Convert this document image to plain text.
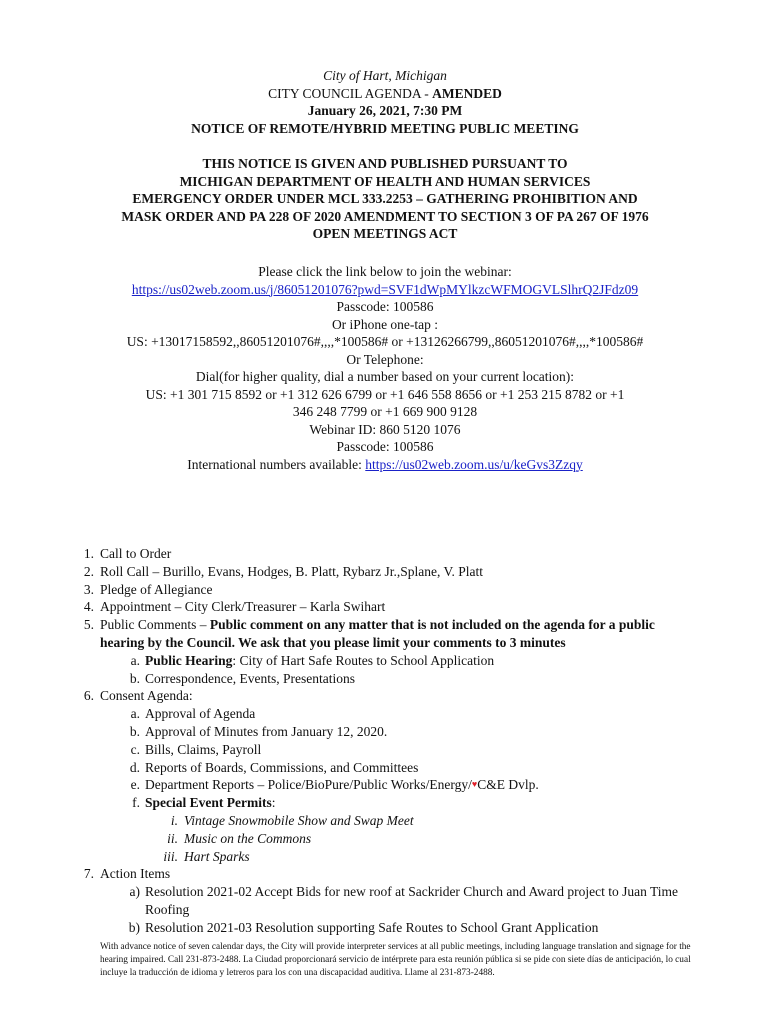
City of Hart, Michigan
CITY COUNCIL AGENDA - AMENDED
January 26, 2021, 7:30 PM
NOTICE OF REMOTE/HYBRID MEETING PUBLIC MEETING
THIS NOTICE IS GIVEN AND PUBLISHED PURSUANT TO
MICHIGAN DEPARTMENT OF HEALTH AND HUMAN SERVICES
EMERGENCY ORDER UNDER MCL 333.2253 – GATHERING PROHIBITION AND
MASK ORDER AND PA 228 OF 2020 AMENDMENT TO SECTION 3 OF PA 267 OF 1976
OPEN MEETINGS ACT
Please click the link below to join the webinar:
https://us02web.zoom.us/j/86051201076?pwd=SVF1dWpMYlkzcWFMOGVLSlhrQ2JFdz09
Passcode: 100586
Or iPhone one-tap :
US: +13017158592,,86051201076#,,,,*100586# or +13126266799,,86051201076#,,,,*100586#
Or Telephone:
Dial(for higher quality, dial a number based on your current location):
US: +1 301 715 8592 or +1 312 626 6799 or +1 646 558 8656 or +1 253 215 8782 or +1
346 248 7799 or +1 669 900 9128
Webinar ID: 860 5120 1076
Passcode: 100586
International numbers available: https://us02web.zoom.us/u/keGvs3Zzqy
1. Call to Order
2. Roll Call – Burillo, Evans, Hodges, B. Platt, Rybarz Jr.,Splane, V. Platt
3. Pledge of Allegiance
4. Appointment – City Clerk/Treasurer – Karla Swihart
5. Public Comments – Public comment on any matter that is not included on the agenda for a public hearing by the Council. We ask that you please limit your comments to 3 minutes
a. Public Hearing: City of Hart Safe Routes to School Application
b. Correspondence, Events, Presentations
6. Consent Agenda:
a. Approval of Agenda
b. Approval of Minutes from January 12, 2020.
c. Bills, Claims, Payroll
d. Reports of Boards, Commissions, and Committees
e. Department Reports – Police/BioPure/Public Works/Energy/♥C&E Dvlp.
f. Special Event Permits:
i. Vintage Snowmobile Show and Swap Meet
ii. Music on the Commons
iii. Hart Sparks
7. Action Items
a) Resolution 2021-02 Accept Bids for new roof at Sackrider Church and Award project to Juan Time Roofing
b) Resolution 2021-03 Resolution supporting Safe Routes to School Grant Application
With advance notice of seven calendar days, the City will provide interpreter services at all public meetings, including language translation and signage for the hearing impaired. Call 231-873-2488. La Ciudad proporcionará servicio de intérprete para esta reunión pública si se pide con siete días de anticipación, lo cual incluye la traducción de idioma y letreros para los con una discapacidad auditiva. Llame al 231-873-2488.
